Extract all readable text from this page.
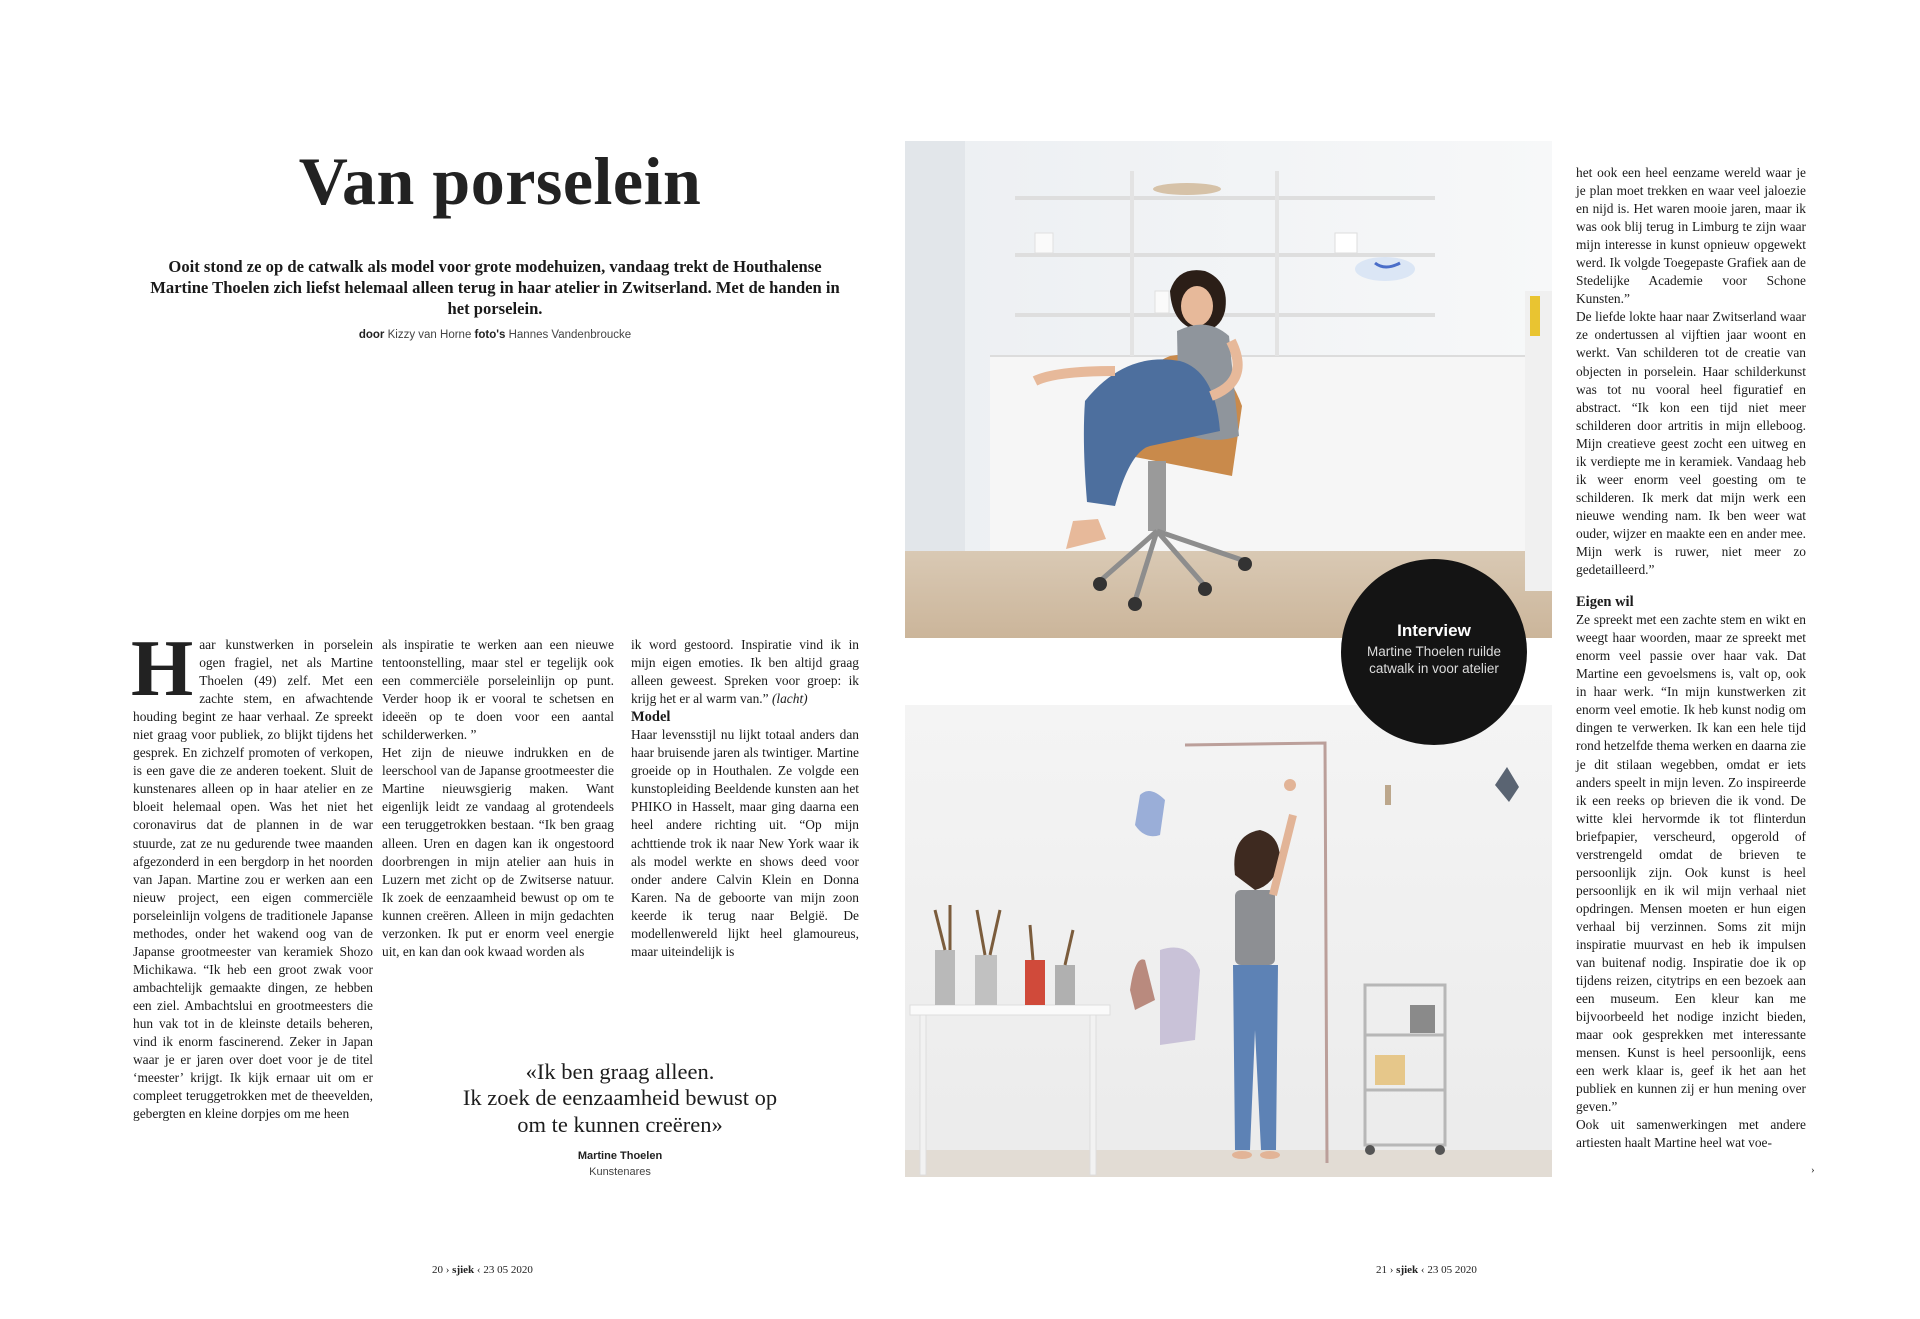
Van porselein
Ooit stond ze op de catwalk als model voor grote modehuizen, vandaag trekt de Houthalense Martine Thoelen zich liefst helemaal alleen terug in haar atelier in Zwitserland. Met de handen in het porselein.
door Kizzy van Horne foto's Hannes Vandenbroucke
H aar kunstwerken in porselein ogen fragiel, net als Martine Thoelen (49) zelf. Met een zachte stem, en afwachtende houding begint ze haar verhaal. Ze spreekt niet graag voor publiek, zo blijkt tijdens het gesprek. En zichzelf promoten of verkopen, is een gave die ze anderen toekent. Sluit de kunstenares alleen op in haar atelier en ze bloeit helemaal open. Was het niet het coronavirus dat de plannen in de war stuurde, zat ze nu gedurende twee maanden afgezonderd in een bergdorp in het noorden van Japan. Martine zou er werken aan een nieuw project, een eigen commerciële porseleinlijn volgens de traditionele Japanse methodes, onder het wakend oog van de Japanse grootmeester van keramiek Shozo Michikawa. “Ik heb een groot zwak voor ambachtelijk gemaakte dingen, ze hebben een ziel. Ambachtslui en grootmeesters die hun vak tot in de kleinste details beheren, vind ik enorm fascinerend. Zeker in Japan waar je er jaren over doet voor je de titel ‘meester’ krijgt. Ik kijk ernaar uit om er compleet teruggetrokken met de theevelden, gebergten en kleine dorpjes om me heen

als inspiratie te werken aan een nieuwe tentoonstelling, maar stel er tegelijk ook een commerciële porseleinlijn op punt. Verder hoop ik er vooral te schetsen en ideeën op te doen voor een aantal schilderwerken. ”

Het zijn de nieuwe indrukken en de leerschool van de Japanse grootmeester die Martine nieuwsgierig maken. Want eigenlijk leidt ze vandaag al grotendeels een teruggetrokken bestaan. “Ik ben graag alleen. Uren en dagen kan ik ongestoord doorbrengen in mijn atelier aan huis in Luzern met zicht op de Zwitserse natuur. Ik zoek de eenzaamheid bewust op om te kunnen creëren. Alleen in mijn gedachten verzonken. Ik put er enorm veel energie uit, en kan dan ook kwaad worden als

ik word gestoord. Inspiratie vind ik in mijn eigen emoties. Ik ben altijd graag alleen geweest. Spreken voor groep: ik krijg het er al warm van.” (lacht)

Model

Haar levensstijl nu lijkt totaal anders dan haar bruisende jaren als twintiger. Martine groeide op in Houthalen. Ze volgde een kunstopleiding Beeldende kunsten aan het PHIKO in Hasselt, maar ging daarna een heel andere richting uit. “Op mijn achttiende trok ik naar New York waar ik als model werkte en shows deed voor onder andere Calvin Klein en Donna Karen. Na de geboorte van mijn zoon keerde ik terug naar België. De modellenwereld lijkt heel glamoureus, maar uiteindelijk is

het ook een heel eenzame wereld waar je je plan moet trekken en waar veel jaloezie en nijd is. Het waren mooie jaren, maar ik was ook blij terug in Limburg te zijn waar mijn interesse in kunst opnieuw opgewekt werd. Ik volgde Toegepaste Grafiek aan de Stedelijke Academie voor Schone Kunsten.”

De liefde lokte haar naar Zwitserland waar ze ondertussen al vijftien jaar woont en werkt. Van schilderen tot de creatie van objecten in porselein. Haar schilderkunst was tot nu vooral heel figuratief en abstract. “Ik kon een tijd niet meer schilderen door artritis in mijn elleboog. Mijn creatieve geest zocht een uitweg en ik verdiepte me in keramiek. Vandaag heb ik weer enorm veel goesting om te schilderen. Ik merk dat mijn werk een nieuwe wending nam. Ik ben weer wat ouder, wijzer en maakte een en ander mee. Mijn werk is ruwer, niet meer zo gedetailleerd.”

Eigen wil

Ze spreekt met een zachte stem en wikt en weegt haar woorden, maar ze spreekt met enorm veel passie over haar vak. Dat Martine een gevoelsmens is, valt op, ook in haar werk. “In mijn kunstwerken zit enorm veel emotie. Ik heb kunst nodig om dingen te verwerken. Ik kan een hele tijd rond hetzelfde thema werken en daarna zie je dit stilaan wegebben, omdat er iets anders speelt in mijn leven. Zo inspireerde ik een reeks op brieven die ik vond. De witte klei hervormde ik tot flinterdun briefpapier, verscheurd, opgerold of verstrengeld omdat de brieven te persoonlijk zijn. Ook kunst is heel persoonlijk en ik wil mijn verhaal niet opdringen. Mensen moeten er hun eigen verhaal bij verzinnen. Soms zit mijn inspiratie muurvast en heb ik impulsen van buitenaf nodig. Inspiratie doe ik op tijdens reizen, citytrips en een bezoek aan een museum. Een kleur kan me bijvoorbeeld het nodige inzicht bieden, maar ook gesprekken met interessante mensen. Kunst is heel persoonlijk, eens een werk klaar is, geef ik het aan het publiek en kunnen zij er hun mening over geven.”

Ook uit samenwerkingen met andere artiesten haalt Martine heel wat voe-

›
«Ik ben graag alleen.
Ik zoek de eenzaamheid bewust op
om te kunnen creëren»
Martine Thoelen
Kunstenares
Interview
Martine Thoelen ruilde catwalk in voor atelier
20 › sjiek ‹ 23 05 2020	21 › sjiek ‹ 23 05 2020
